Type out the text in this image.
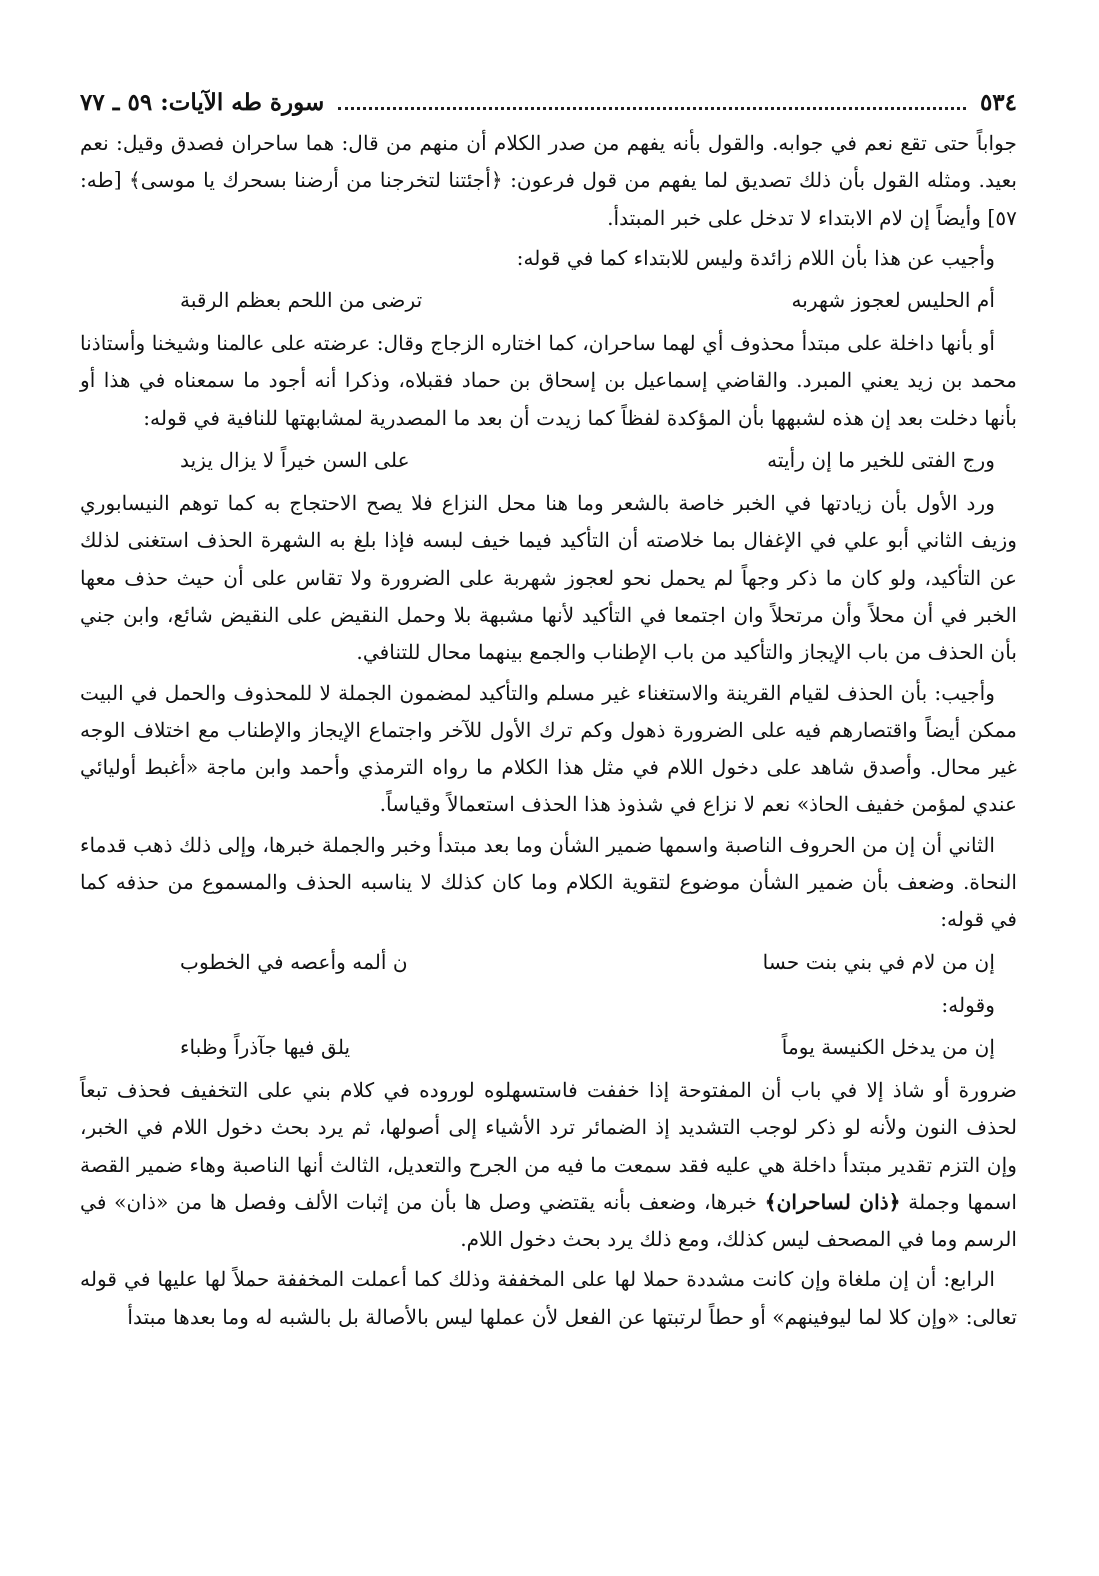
٥٣٤
سورة طه الآيات: ٥٩ ـ ٧٧

جواباً حتى تقع نعم في جوابه. والقول بأنه يفهم من صدر الكلام أن منهم من قال: هما ساحران فصدق وقيل: نعم بعيد. ومثله القول بأن ذلك تصديق لما يفهم من قول فرعون: ﴿أجئتنا لتخرجنا من أرضنا بسحرك يا موسى﴾ [طه: ٥٧] وأيضاً إن لام الابتداء لا تدخل على خبر المبتدأ.

وأجيب عن هذا بأن اللام زائدة وليس للابتداء كما في قوله:

أم الحليس لعجوز شهربه
ترضى من اللحم بعظم الرقبة

أو بأنها داخلة على مبتدأ محذوف أي لهما ساحران، كما اختاره الزجاج وقال: عرضته على عالمنا وشيخنا وأستاذنا محمد بن زيد يعني المبرد. والقاضي إسماعيل بن إسحاق بن حماد فقبلاه، وذكرا أنه أجود ما سمعناه في هذا أو بأنها دخلت بعد إن هذه لشبهها بأن المؤكدة لفظاً كما زيدت أن بعد ما المصدرية لمشابهتها للنافية في قوله:

ورج الفتى للخير ما إن رأيته
على السن خيراً لا يزال يزيد

ورد الأول بأن زيادتها في الخبر خاصة بالشعر وما هنا محل النزاع فلا يصح الاحتجاج به كما توهم النيسابوري وزيف الثاني أبو علي في الإغفال بما خلاصته أن التأكيد فيما خيف لبسه فإذا بلغ به الشهرة الحذف استغنى لذلك عن التأكيد، ولو كان ما ذكر وجهاً لم يحمل نحو لعجوز شهربة على الضرورة ولا تقاس على أن حيث حذف معها الخبر في أن محلاً وأن مرتحلاً وان اجتمعا في التأكيد لأنها مشبهة بلا وحمل النقيض على النقيض شائع، وابن جني بأن الحذف من باب الإيجاز والتأكيد من باب الإطناب والجمع بينهما محال للتنافي.

وأجيب: بأن الحذف لقيام القرينة والاستغناء غير مسلم والتأكيد لمضمون الجملة لا للمحذوف والحمل في البيت ممكن أيضاً واقتصارهم فيه على الضرورة ذهول وكم ترك الأول للآخر واجتماع الإيجاز والإطناب مع اختلاف الوجه غير محال. وأصدق شاهد على دخول اللام في مثل هذا الكلام ما رواه الترمذي وأحمد وابن ماجة «أغبط أوليائي عندي لمؤمن خفيف الحاذ» نعم لا نزاع في شذوذ هذا الحذف استعمالاً وقياساً.

الثاني أن إن من الحروف الناصبة واسمها ضمير الشأن وما بعد مبتدأ وخبر والجملة خبرها، وإلى ذلك ذهب قدماء النحاة. وضعف بأن ضمير الشأن موضوع لتقوية الكلام وما كان كذلك لا يناسبه الحذف والمسموع من حذفه كما في قوله:

إن من لام في بني بنت حسا
ن ألمه وأعصه في الخطوب

وقوله:

إن من يدخل الكنيسة يوماً
يلق فيها جآذراً وظباء

ضرورة أو شاذ إلا في باب أن المفتوحة إذا خففت فاستسهلوه لوروده في كلام بني على التخفيف فحذف تبعاً لحذف النون ولأنه لو ذكر لوجب التشديد إذ الضمائر ترد الأشياء إلى أصولها، ثم يرد بحث دخول اللام في الخبر، وإن التزم تقدير مبتدأ داخلة هي عليه فقد سمعت ما فيه من الجرح والتعديل، الثالث أنها الناصبة وهاء ضمير القصة اسمها وجملة ﴿ذان لساحران﴾ خبرها، وضعف بأنه يقتضي وصل ها بأن من إثبات الألف وفصل ها من «ذان» في الرسم وما في المصحف ليس كذلك، ومع ذلك يرد بحث دخول اللام.

الرابع: أن إن ملغاة وإن كانت مشددة حملا لها على المخففة وذلك كما أعملت المخففة حملاً لها عليها في قوله تعالى: «وإن كلا لما ليوفينهم» أو حطاً لرتبتها عن الفعل لأن عملها ليس بالأصالة بل بالشبه له وما بعدها مبتدأ
